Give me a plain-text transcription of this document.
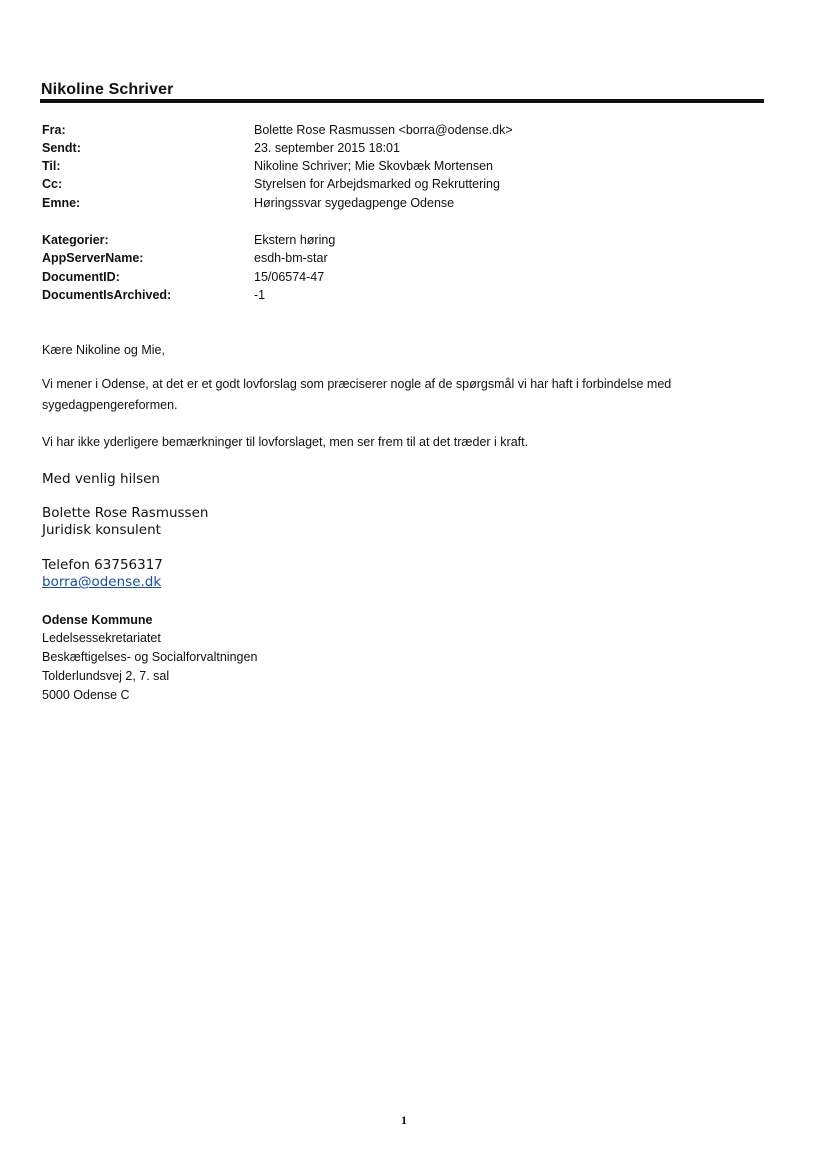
Nikoline Schriver
Fra:	Bolette Rose Rasmussen <borra@odense.dk>
Sendt:	23. september 2015 18:01
Til:	Nikoline Schriver; Mie Skovbæk Mortensen
Cc:	Styrelsen for Arbejdsmarked og Rekruttering
Emne:	Høringssvar sygedagpenge Odense
Kategorier:	Ekstern høring
AppServerName:	esdh-bm-star
DocumentID:	15/06574-47
DocumentIsArchived:	-1
Kære Nikoline og Mie,
Vi mener i Odense, at det er et godt lovforslag som præciserer nogle af de spørgsmål vi har haft i forbindelse med sygedagpengereformen.
Vi har ikke yderligere bemærkninger til lovforslaget, men ser frem til at det træder i kraft.
Med venlig hilsen
Bolette Rose Rasmussen
Juridisk konsulent
Telefon 63756317
borra@odense.dk
Odense Kommune
Ledelsessekretariatet
Beskæftigelses- og Socialforvaltningen
Tolderlundsvej 2, 7. sal
5000 Odense C
1
